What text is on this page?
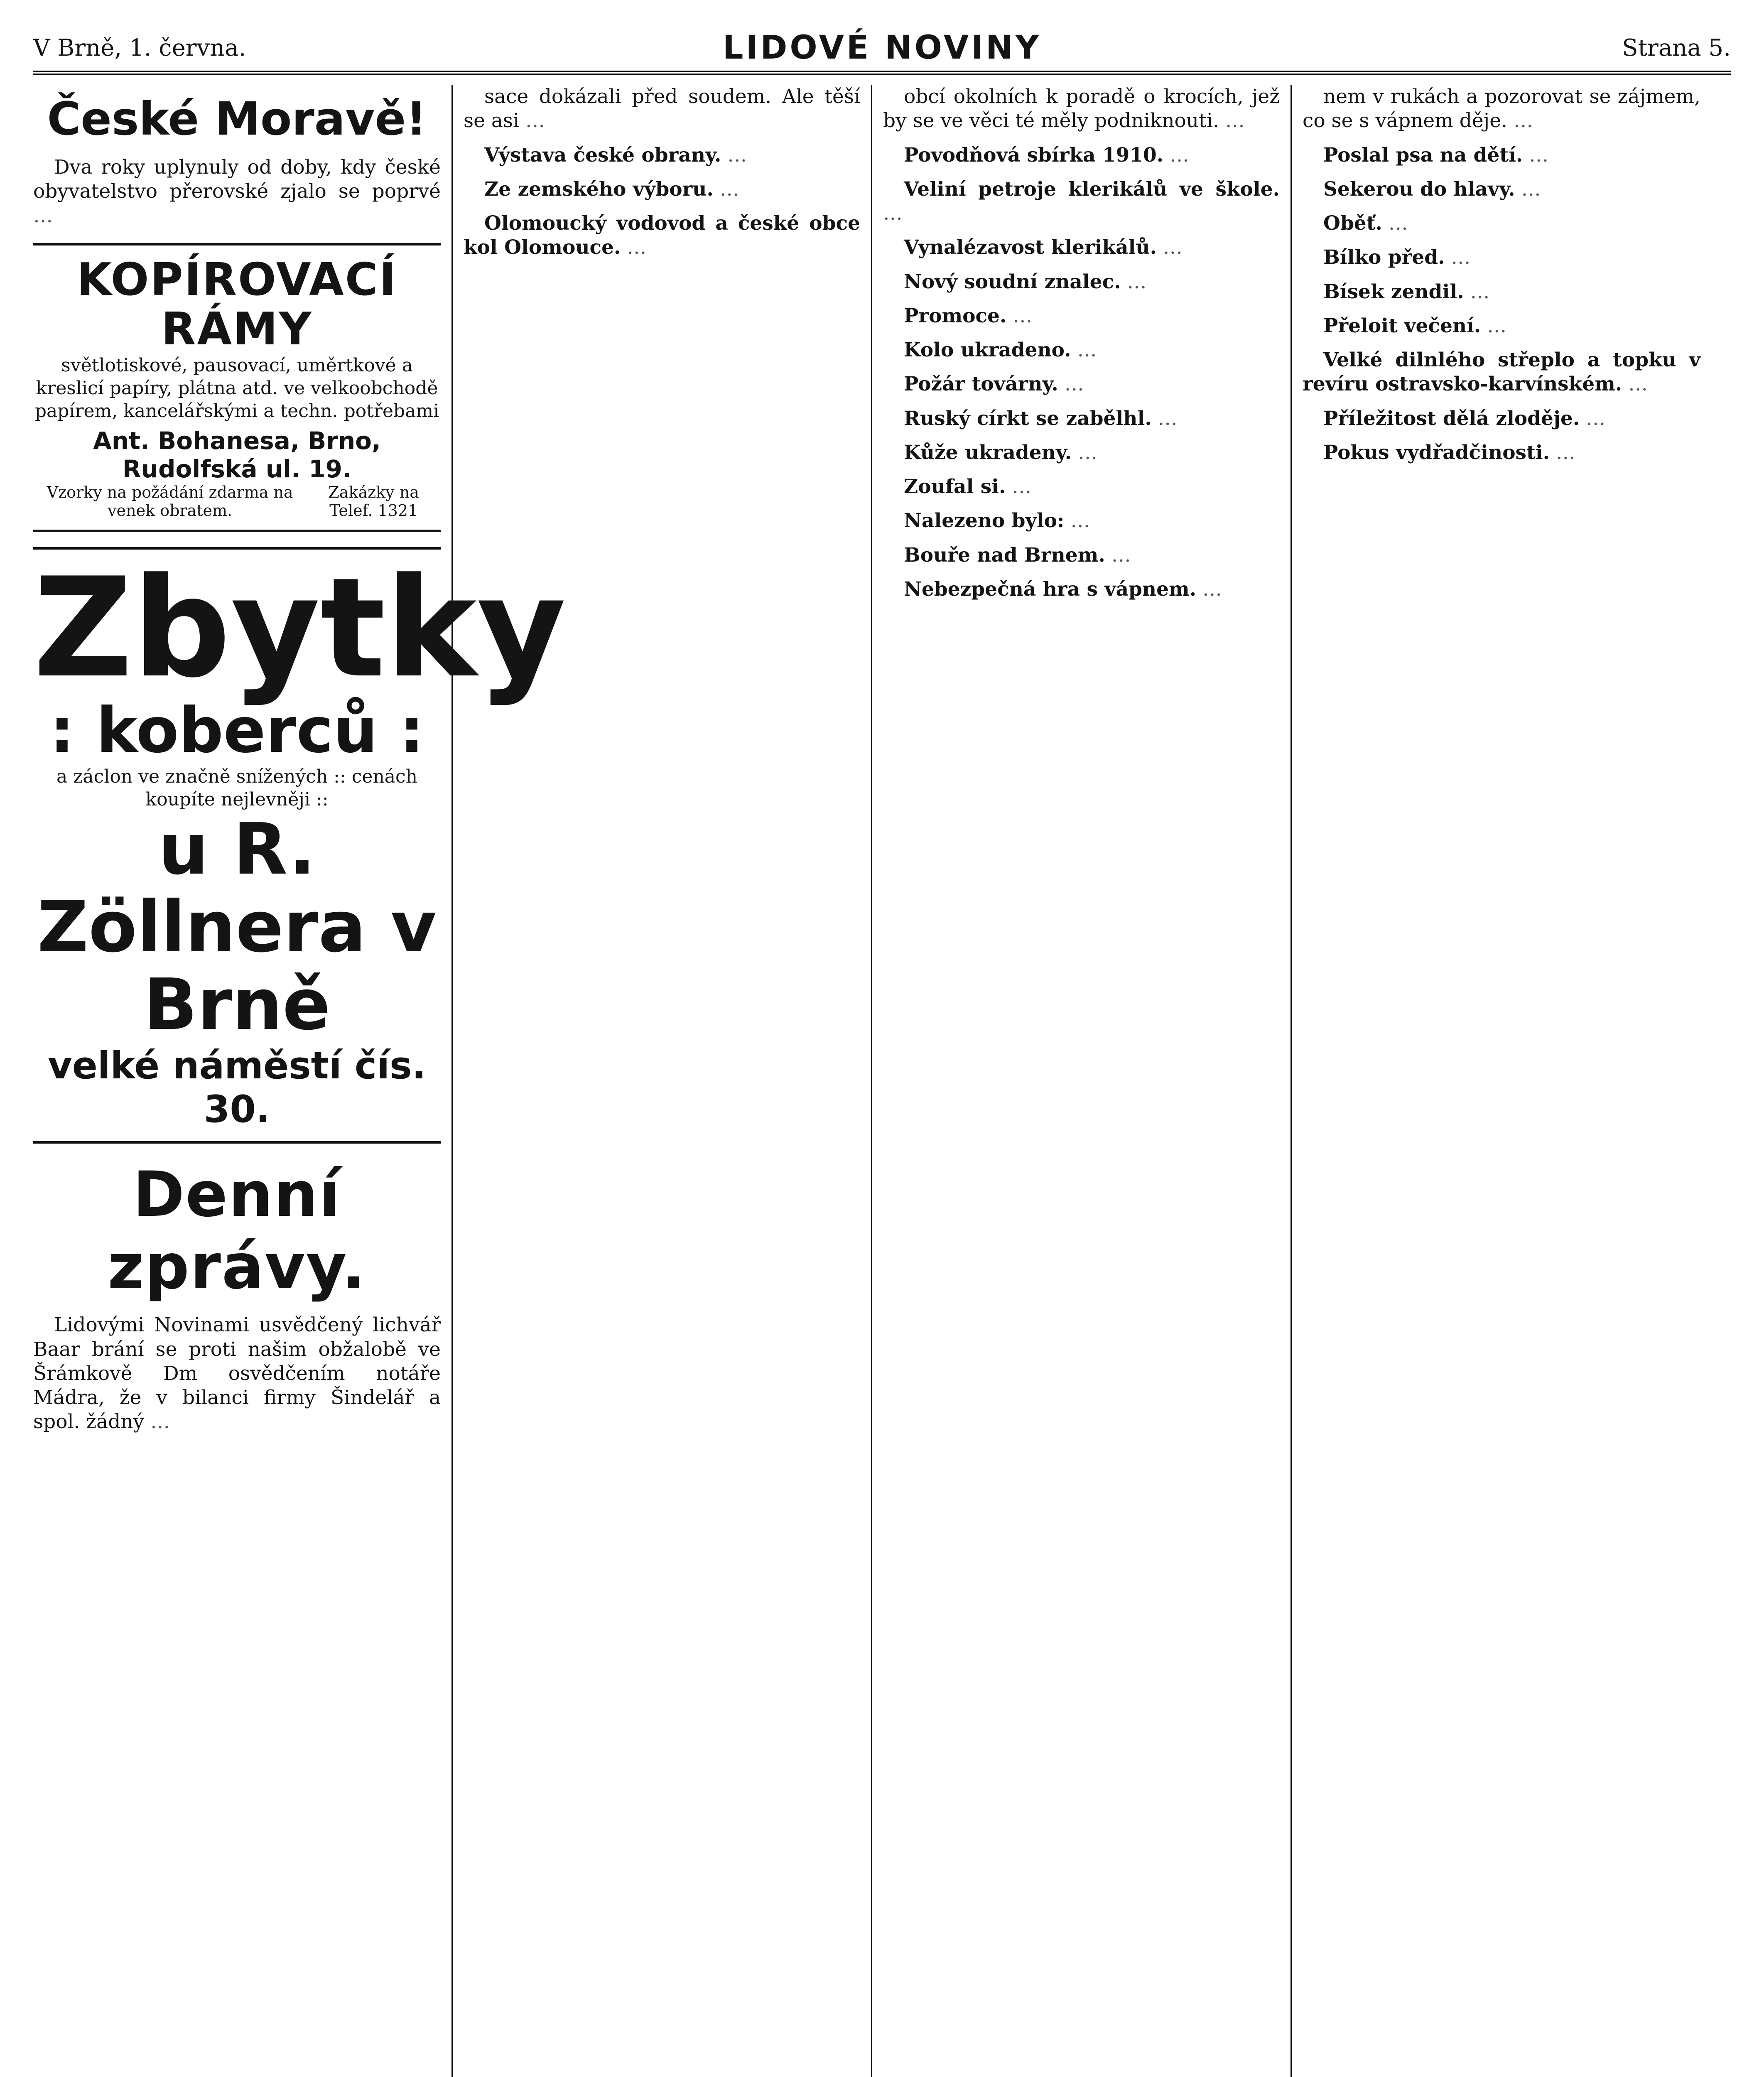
V Brně, 1. června.	LIDOVÉ NOVINY	Strana 5.
České Moravě!

Dva roky uplynuly od doby, kdy české obyvatelstvo přerovské zjalo se poprvé …

KOPÍROVACÍ RÁMY
světlotiskové, pausovací, uměrtkové a kreslicí papíry, plátna atd. ve velkoobchodě papírem, kancelářskými a techn. potřebami
Ant. Bohanesa, Brno, Rudolfská ul. 19.
Vzorky na požádání zdarma na venek obratem.
Zakázky na Telef. 1321
Zbytky
: koberců :
a záclon ve značně snížených :: cenách koupíte nejlevněji ::
u R. Zöllnera v Brně
velké náměstí čís. 30.
Denní zprávy.

Lidovými Novinami usvědčený lichvář Baar brání se proti našim obžalobě ve Šrámkově Dm osvědčením notáře Mádra, že v bilanci firmy Šindelář a spol. žádný …

sace dokázali před soudem. Ale těší se asi …

Výstava české obrany. …

Ze zemského výboru. …

Olomoucký vodovod a české obce kol Olomouce. …

obcí okolních k poradě o krocích, jež by se ve věci té měly podniknouti. …

Povodňová sbírka 1910. …

Veliní petroje klerikálů ve škole. …

Vynalézavost klerikálů. …

Nový soudní znalec. …

Promoce. …

Kolo ukradeno. …

Požár továrny. …

Ruský církt se zabělhl. …

Kůže ukradeny. …

Zoufal si. …

Nalezeno bylo: …

Bouře nad Brnem. …

Nebezpečná hra s vápnem. …

nem v rukách a pozorovat se zájmem, co se s vápnem děje. …

Poslal psa na dětí. …

Sekerou do hlavy. …

Oběť. …

Bílko před. …

Bísek zendil. …

Přeloit večení. …

Velké dilnlého střeplo a topku v revíru ostravsko-karvínském. …

Příležitost dělá zloděje. …

Pokus vydřadčinosti. …
